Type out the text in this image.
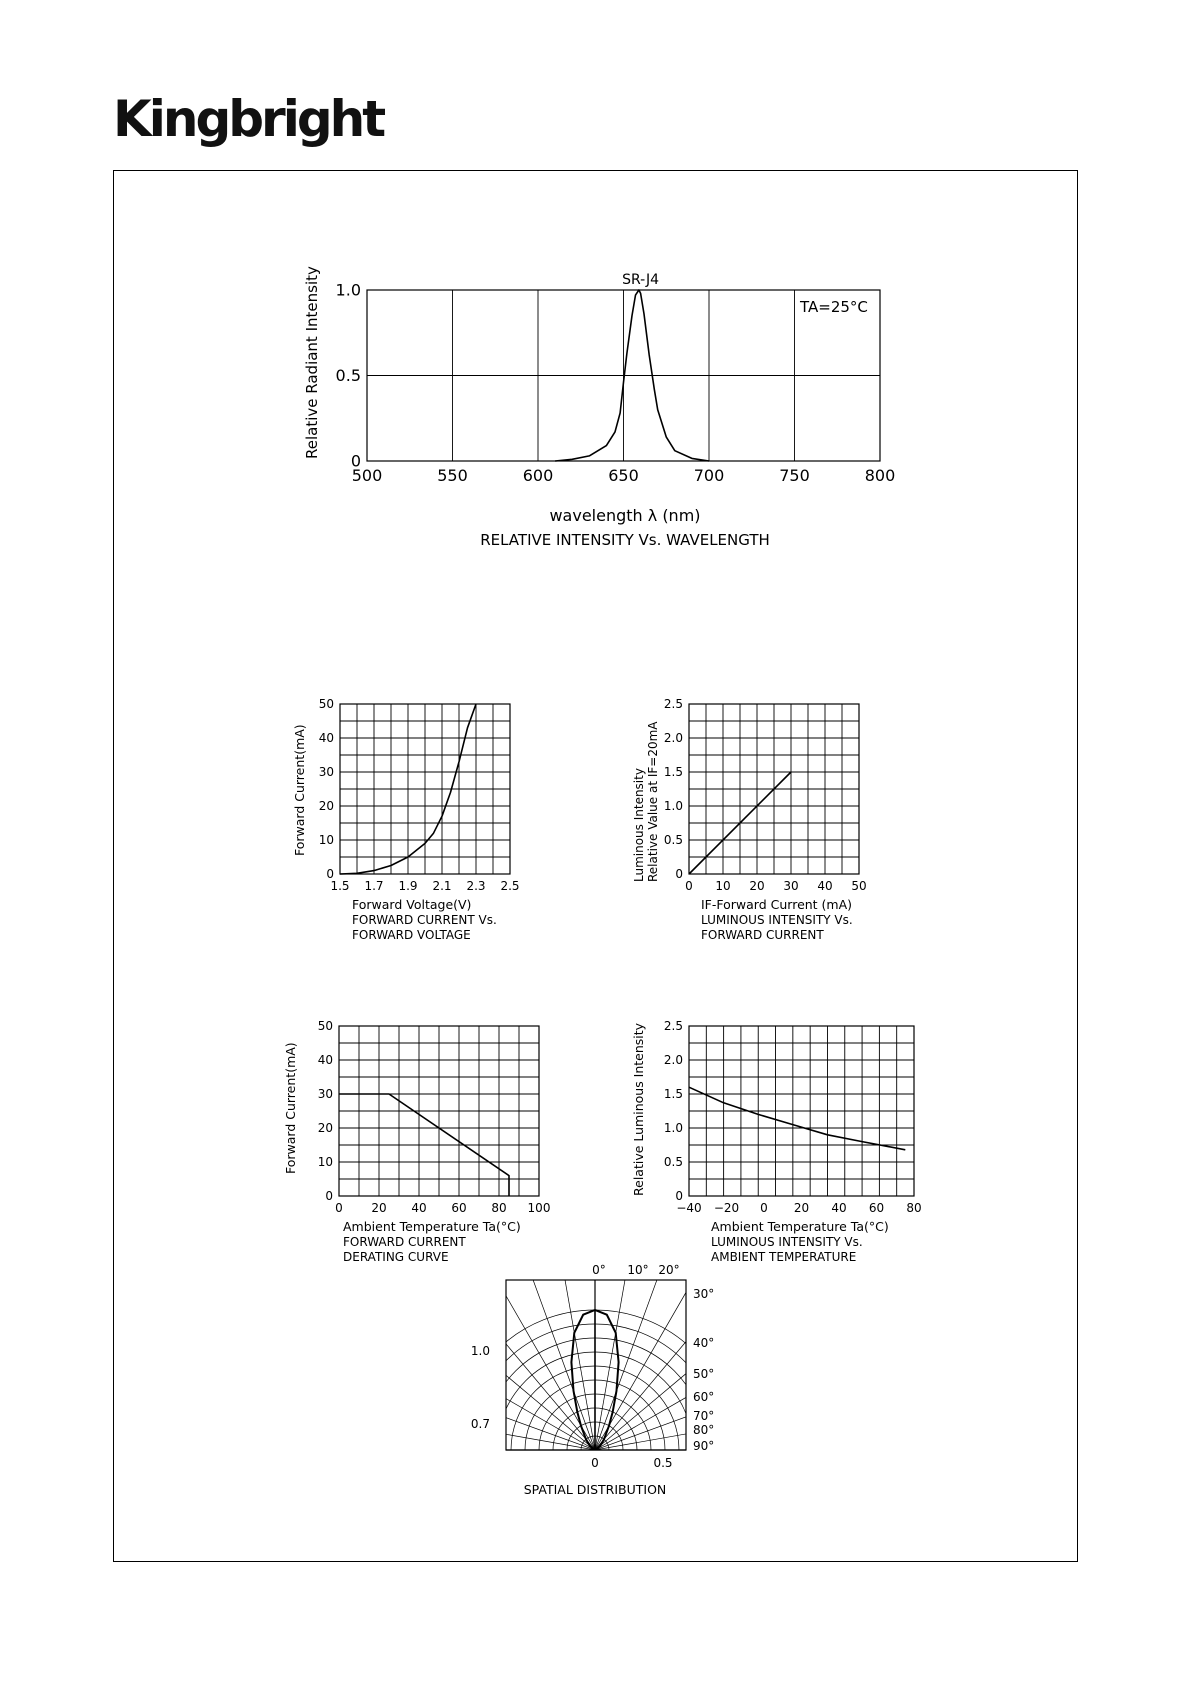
Kingbright
500	550	600	650	700	750	800
0
0.5
1.0
Relative Radiant Intensity
wavelength λ (nm)
RELATIVE INTENSITY Vs. WAVELENGTH
SR-J4
TA=25°C
1.5 1.7 1.9 2.1 2.3 2.5
0
10
20
30
40
50
Forward Current(mA)
Forward Voltage(V)
FORWARD CURRENT Vs.
FORWARD VOLTAGE
0 10 20 30 40 50
0
0.5
1.0
1.5
2.0
2.5
Luminous Intensity Relative Value at IF=20mA
IF-Forward Current (mA)
LUMINOUS INTENSITY Vs.
FORWARD CURRENT
0 20 40 60 80 100
0
10
20
30
40
50
Forward Current(mA)
Ambient Temperature Ta(°C)
FORWARD CURRENT
DERATING CURVE
−40 −20 0 20 40 60 80
0
0.5
1.0
1.5
2.0
2.5
Relative Luminous Intensity
Ambient Temperature Ta(°C)
LUMINOUS INTENSITY Vs.
AMBIENT TEMPERATURE
0° 10° 20°
30°
40°
50°
60°
70°
80°
90°
1.0
0.7
0	0.5
SPATIAL DISTRIBUTION
